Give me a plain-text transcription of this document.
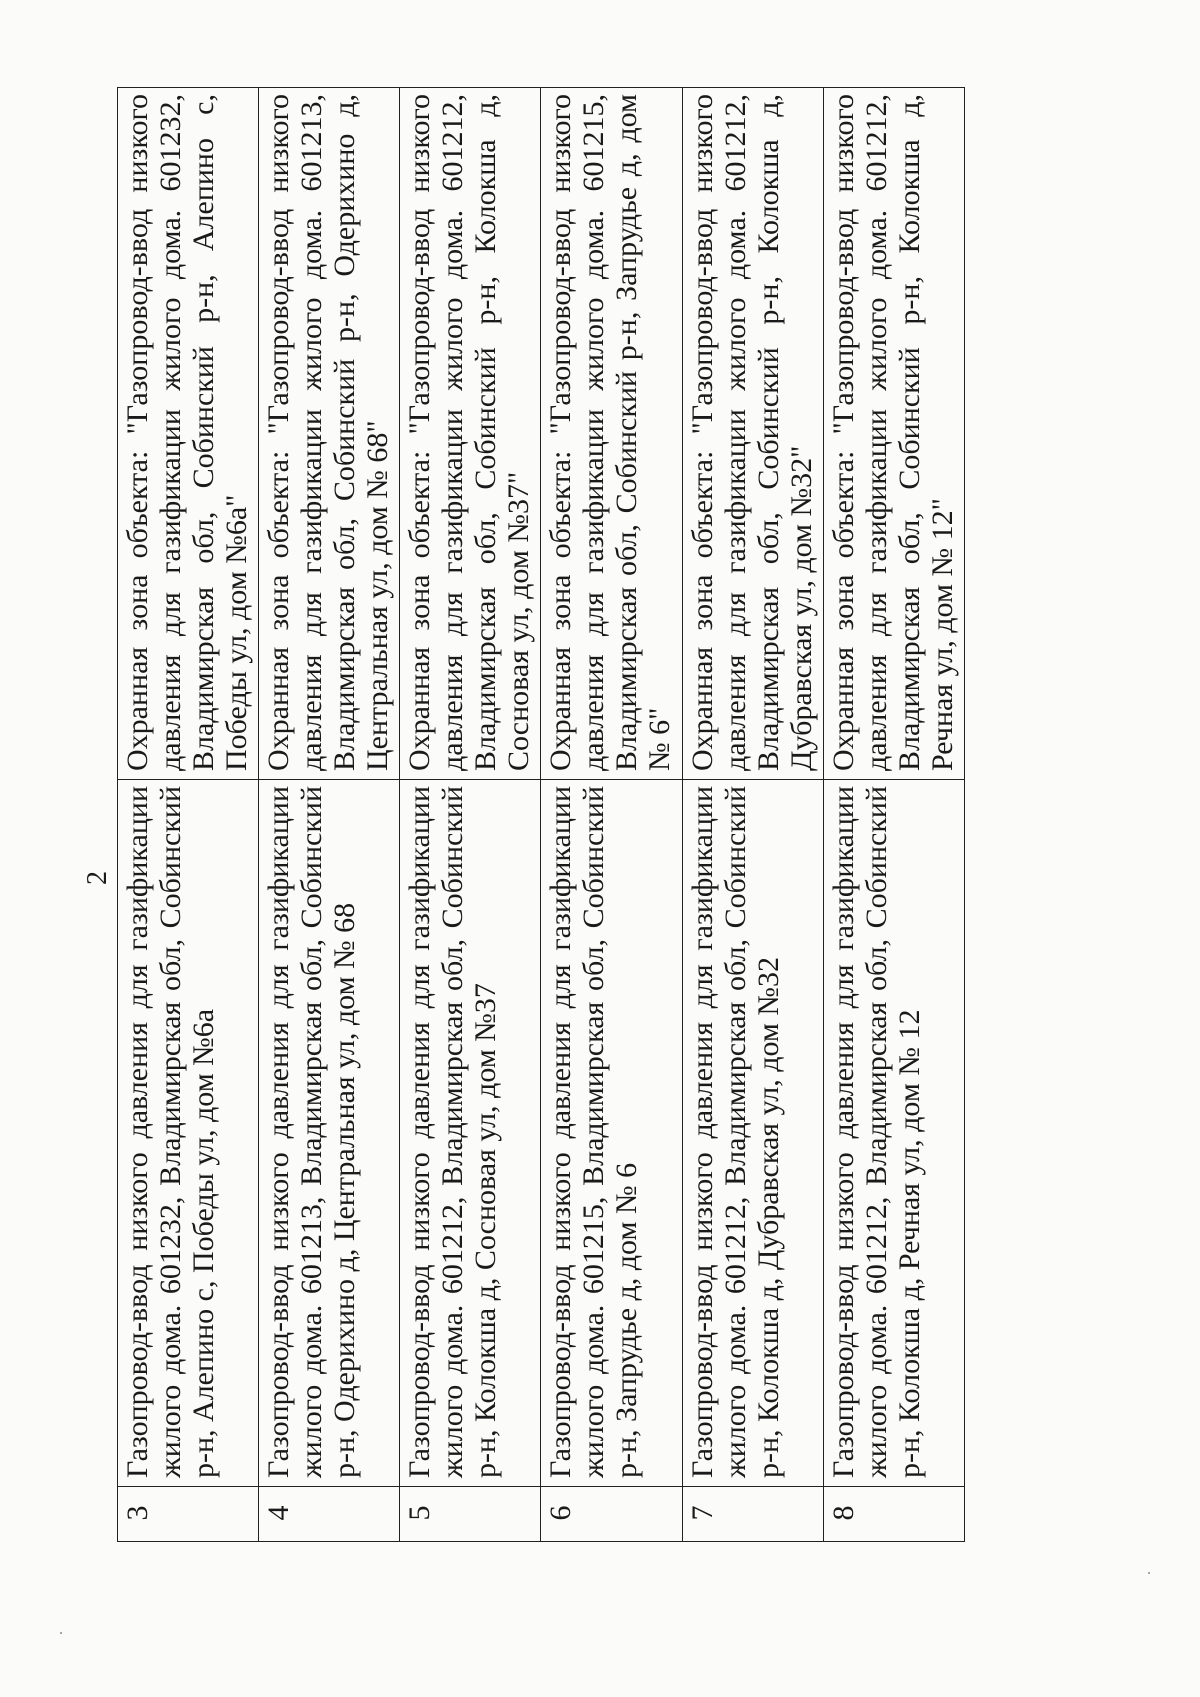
2
3	Газопровод-ввод низкого давления для газификации жилого дома. 601232, Владимирская обл, Собинский р-н, Алепино с, Победы ул, дом №6а	Охранная зона объекта: "Газопровод-ввод низкого давления для газификации жилого дома. 601232, Владимирская обл, Собинский р-н, Алепино с, Победы ул, дом №6а"
4	Газопровод-ввод низкого давления для газификации жилого дома. 601213, Владимирская обл, Собинский р-н, Одерихино д, Центральная ул, дом № 68	Охранная зона объекта: "Газопровод-ввод низкого давления для газификации жилого дома. 601213, Владимирская обл, Собинский р-н, Одерихино д, Центральная ул, дом № 68"
5	Газопровод-ввод низкого давления для газификации жилого дома. 601212, Владимирская обл, Собинский р-н, Колокша д, Сосновая ул, дом №37	Охранная зона объекта: "Газопровод-ввод низкого давления для газификации жилого дома. 601212, Владимирская обл, Собинский р-н, Колокша д, Сосновая ул, дом №37"
6	Газопровод-ввод низкого давления для газификации жилого дома. 601215, Владимирская обл, Собинский р-н, Запрудье д, дом № 6	Охранная зона объекта: "Газопровод-ввод низкого давления для газификации жилого дома. 601215, Владимирская обл, Собинский р-н, Запрудье д, дом № 6"
7	Газопровод-ввод низкого давления для газификации жилого дома. 601212, Владимирская обл, Собинский р-н, Колокша д, Дубравская ул, дом №32	Охранная зона объекта: "Газопровод-ввод низкого давления для газификации жилого дома. 601212, Владимирская обл, Собинский р-н, Колокша д, Дубравская ул, дом №32"
8	Газопровод-ввод низкого давления для газификации жилого дома. 601212, Владимирская обл, Собинский р-н, Колокша д, Речная ул, дом № 12	Охранная зона объекта: "Газопровод-ввод низкого давления для газификации жилого дома. 601212, Владимирская обл, Собинский р-н, Колокша д, Речная ул, дом № 12"
